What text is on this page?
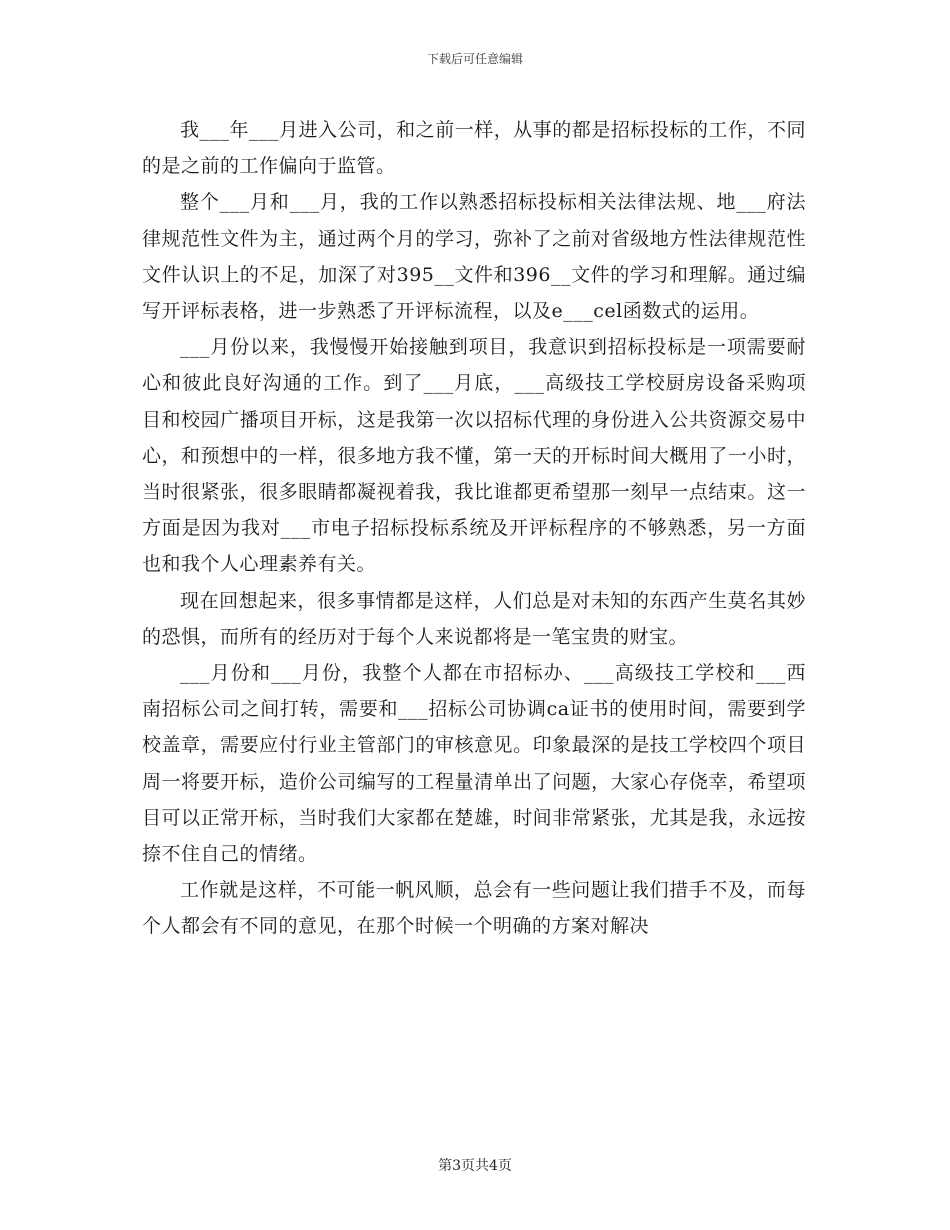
下载后可任意编辑

我___年___月进入公司，和之前一样，从事的都是招标投标的工作，不同的是之前的工作偏向于监管。

整个___月和___月，我的工作以熟悉招标投标相关法律法规、地___府法律规范性文件为主，通过两个月的学习，弥补了之前对省级地方性法律规范性文件认识上的不足，加深了对395__文件和396__文件的学习和理解。通过编写开评标表格，进一步熟悉了开评标流程，以及e___cel函数式的运用。

___月份以来，我慢慢开始接触到项目，我意识到招标投标是一项需要耐心和彼此良好沟通的工作。到了___月底，___高级技工学校厨房设备采购项目和校园广播项目开标，这是我第一次以招标代理的身份进入公共资源交易中心，和预想中的一样，很多地方我不懂，第一天的开标时间大概用了一小时，当时很紧张，很多眼睛都凝视着我，我比谁都更希望那一刻早一点结束。这一方面是因为我对___市电子招标投标系统及开评标程序的不够熟悉，另一方面也和我个人心理素养有关。

现在回想起来，很多事情都是这样，人们总是对未知的东西产生莫名其妙的恐惧，而所有的经历对于每个人来说都将是一笔宝贵的财宝。

___月份和___月份，我整个人都在市招标办、___高级技工学校和___西南招标公司之间打转，需要和___招标公司协调ca证书的使用时间，需要到学校盖章，需要应付行业主管部门的审核意见。印象最深的是技工学校四个项目周一将要开标，造价公司编写的工程量清单出了问题，大家心存侥幸，希望项目可以正常开标，当时我们大家都在楚雄，时间非常紧张，尤其是我，永远按捺不住自己的情绪。

工作就是这样，不可能一帆风顺，总会有一些问题让我们措手不及，而每个人都会有不同的意见，在那个时候一个明确的方案对解决

第3页共4页
